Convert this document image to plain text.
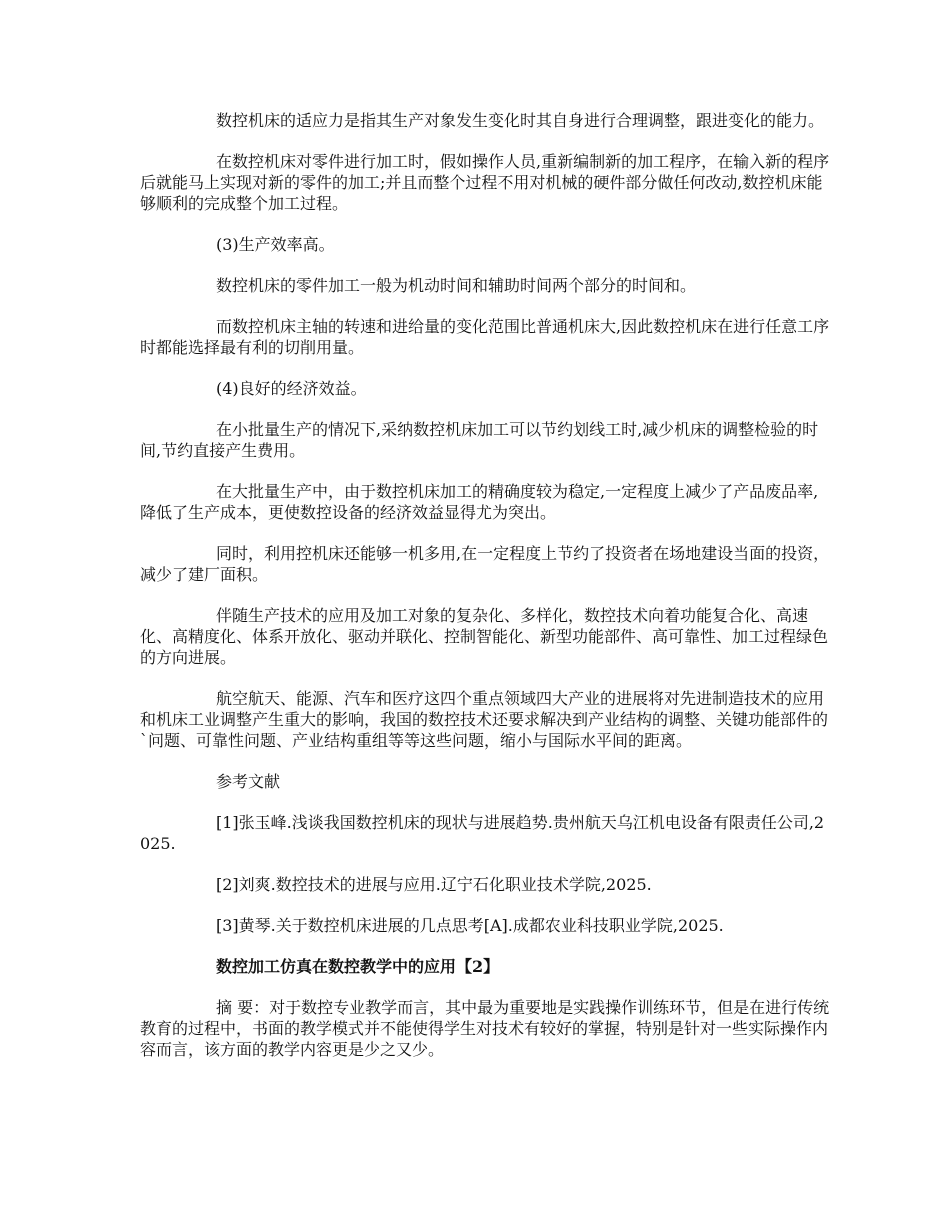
数控机床的适应力是指其生产对象发生变化时其自身进行合理调整，跟进变化的能力。

在数控机床对零件进行加工时，假如操作人员,重新编制新的加工程序，在输入新的程序后就能马上实现对新的零件的加工;并且而整个过程不用对机械的硬件部分做任何改动,数控机床能够顺利的完成整个加工过程。

(3)生产效率高。

数控机床的零件加工一般为机动时间和辅助时间两个部分的时间和。

而数控机床主轴的转速和进给量的变化范围比普通机床大,因此数控机床在进行任意工序时都能选择最有利的切削用量。

(4)良好的经济效益。

在小批量生产的情况下,采纳数控机床加工可以节约划线工时,减少机床的调整检验的时间,节约直接产生费用。

在大批量生产中，由于数控机床加工的精确度较为稳定,一定程度上减少了产品废品率,降低了生产成本，更使数控设备的经济效益显得尤为突出。

同时，利用控机床还能够一机多用,在一定程度上节约了投资者在场地建设当面的投资，减少了建厂面积。

伴随生产技术的应用及加工对象的复杂化、多样化，数控技术向着功能复合化、高速化、高精度化、体系开放化、驱动并联化、控制智能化、新型功能部件、高可靠性、加工过程绿色的方向进展。

航空航天、能源、汽车和医疗这四个重点领域四大产业的进展将对先进制造技术的应用和机床工业调整产生重大的影响，我国的数控技术还要求解决到产业结构的调整、关键功能部件的`问题、可靠性问题、产业结构重组等等这些问题，缩小与国际水平间的距离。

参考文献

[1]张玉峰.浅谈我国数控机床的现状与进展趋势.贵州航天乌江机电设备有限责任公司,2025.

[2]刘爽.数控技术的进展与应用.辽宁石化职业技术学院,2025.

[3]黄琴.关于数控机床进展的几点思考[A].成都农业科技职业学院,2025.

数控加工仿真在数控教学中的应用【2】

摘 要：对于数控专业教学而言，其中最为重要地是实践操作训练环节，但是在进行传统教育的过程中，书面的教学模式并不能使得学生对技术有较好的掌握，特别是针对一些实际操作内容而言，该方面的教学内容更是少之又少。
